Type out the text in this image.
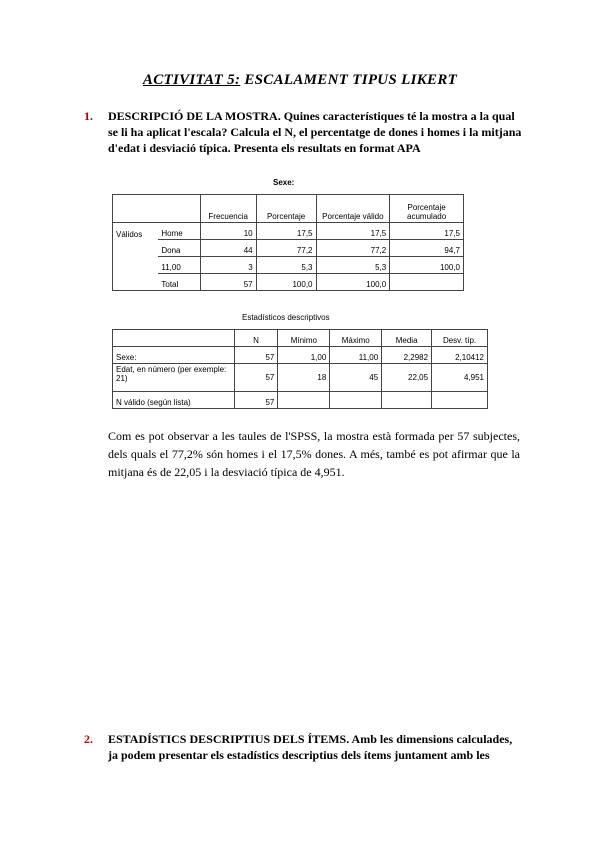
ACTIVITAT 5: ESCALAMENT TIPUS LIKERT
1. DESCRIPCIÓ DE LA MOSTRA. Quines característiques té la mostra a la qual se li ha aplicat l'escala? Calcula el N, el percentatge de dones i homes i la mitjana d'edat i desviació típica. Presenta els resultats en format APA
Sexe:
		Frecuencia	Porcentaje	Porcentaje válido	Porcentaje acumulado
Válidos	Home	10	17,5	17,5	17,5
	Dona	44	77,2	77,2	94,7
	11,00	3	5,3	5,3	100,0
	Total	57	100,0	100,0	
Estadísticos descriptivos
	N	Mínimo	Máximo	Media	Desv. típ.
Sexe:	57	1,00	11,00	2,2982	2,10412
Edat, en número (per exemple: 21)	57	18	45	22,05	4,951
N válido (según lista)	57				
Com es pot observar a les taules de l'SPSS, la mostra està formada per 57 subjectes, dels quals el 77,2% són homes i el 17,5% dones. A més, també es pot afirmar que la mitjana és de 22,05 i la desviació típica de 4,951.
2. ESTADÍSTICS DESCRIPTIUS DELS ÍTEMS. Amb les dimensions calculades, ja podem presentar els estadístics descriptius dels ítems juntament amb les
